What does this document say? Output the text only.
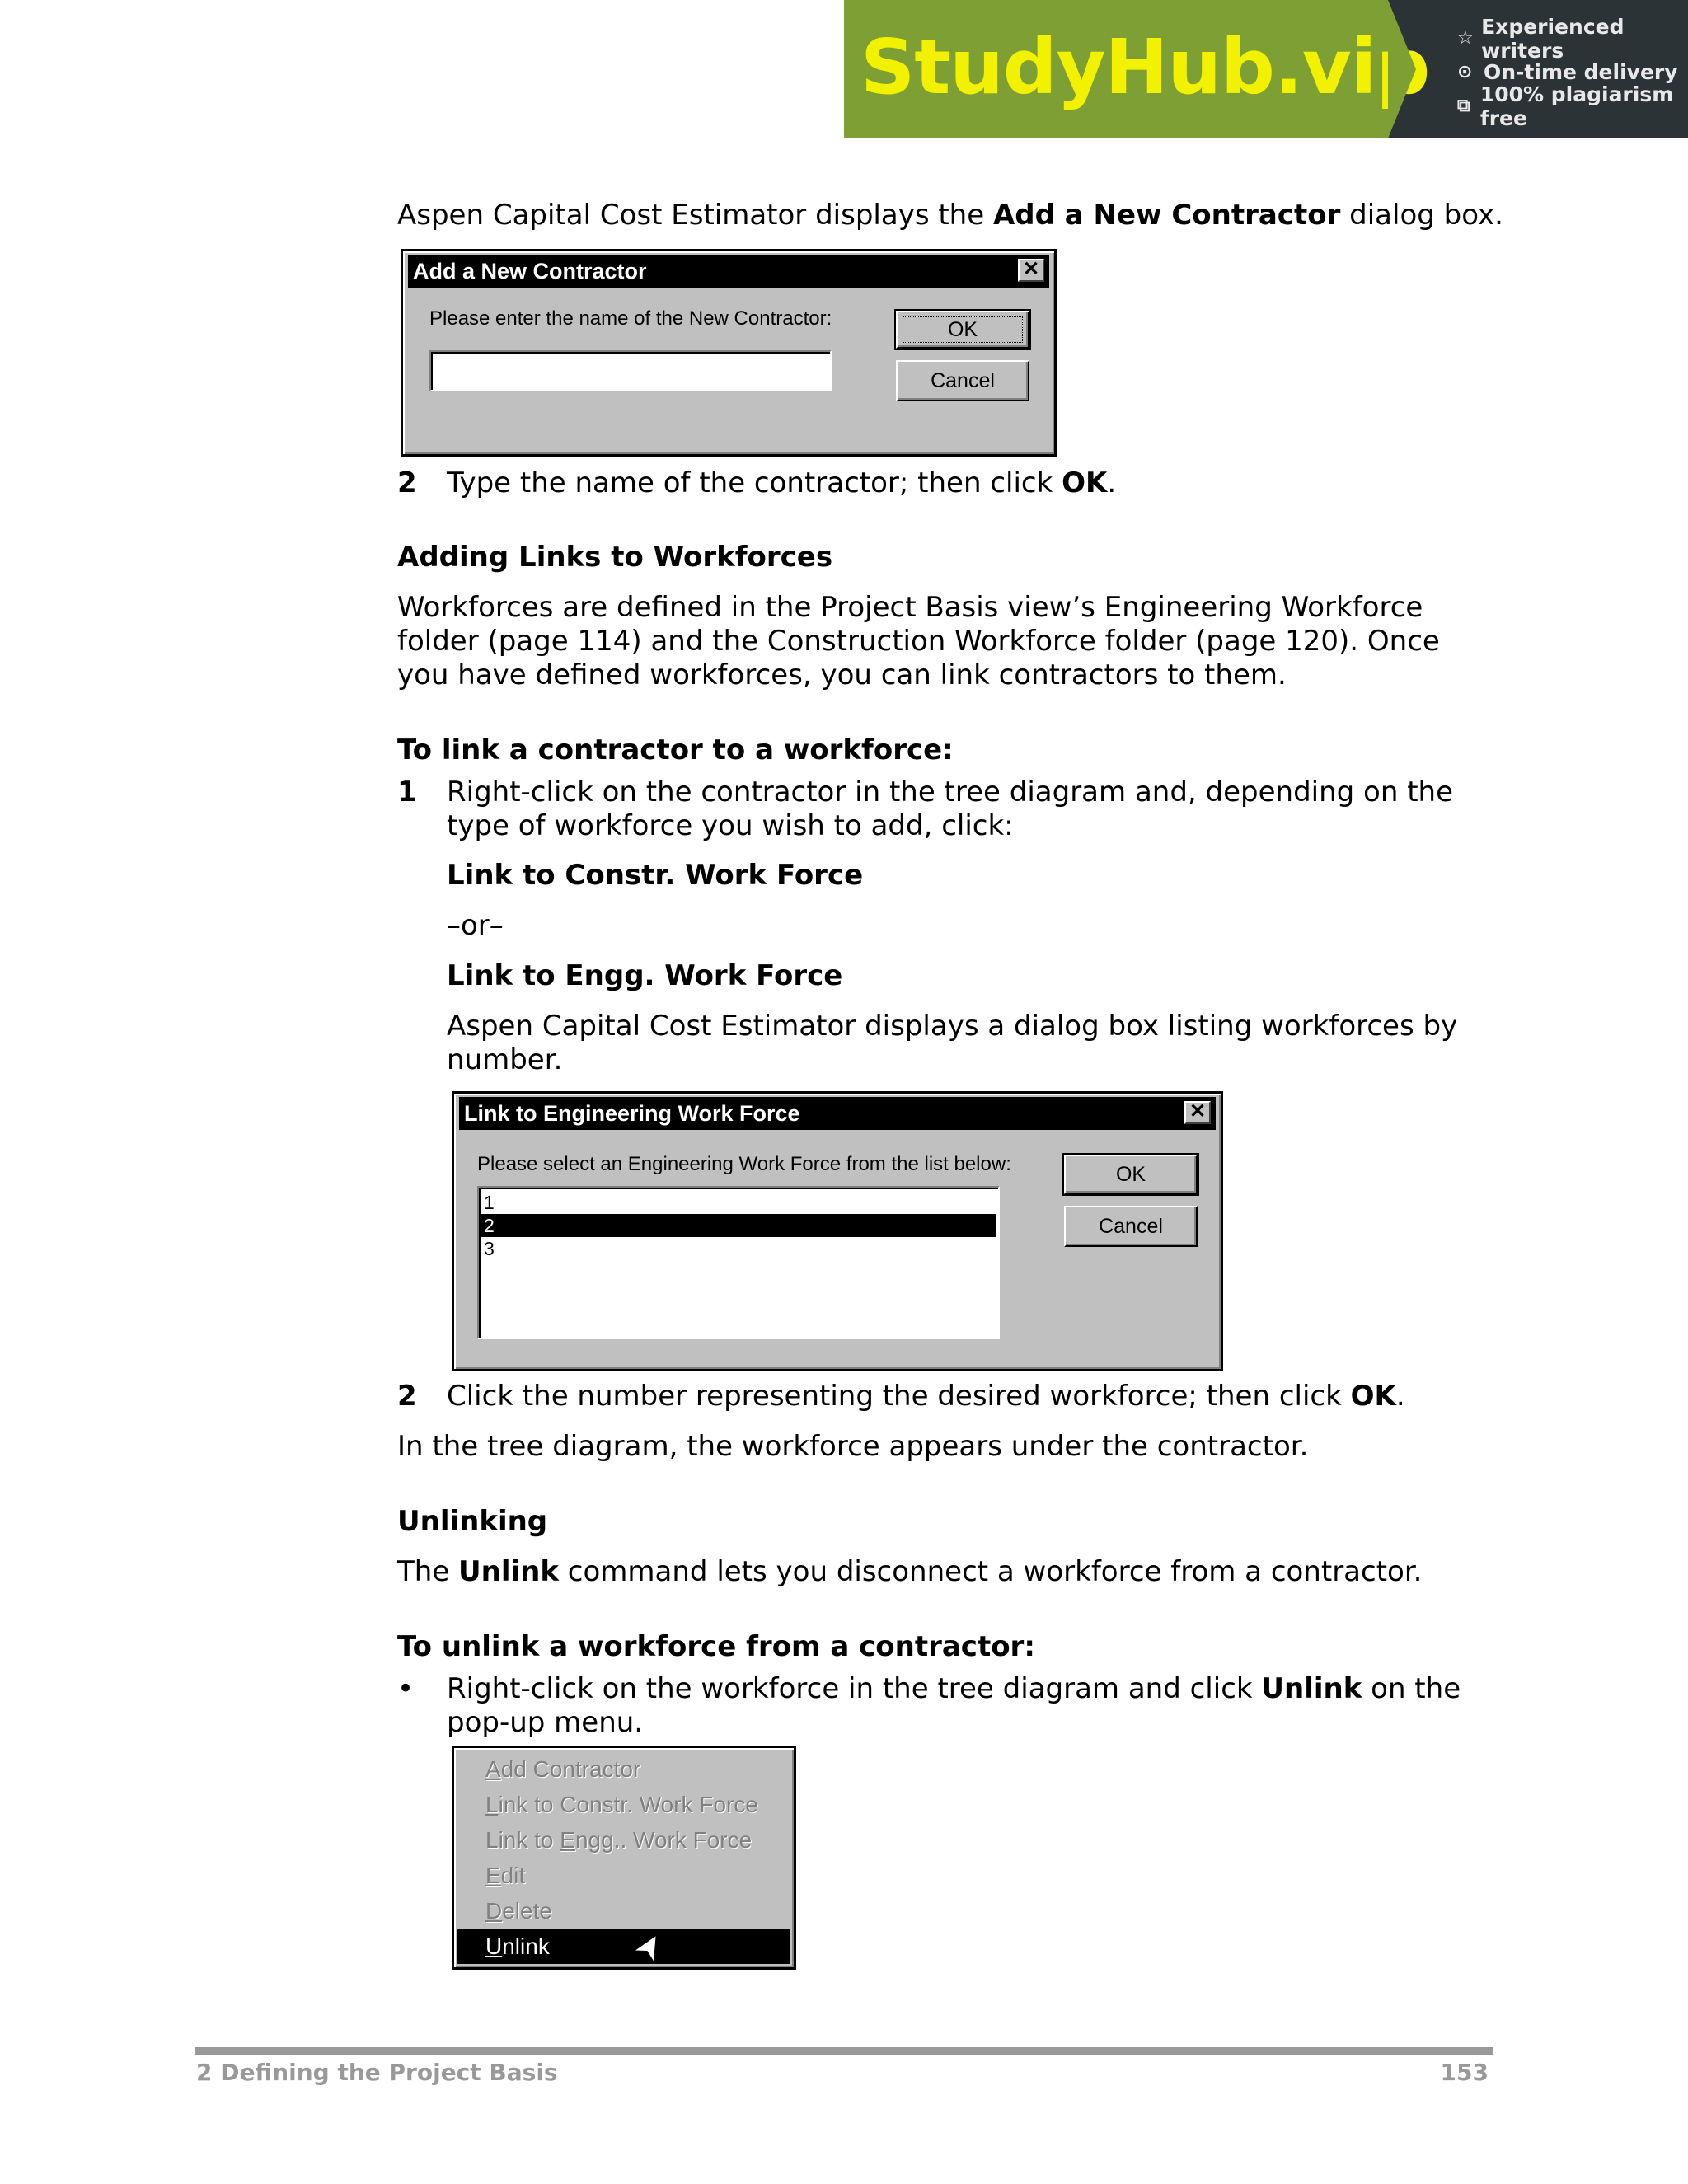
StudyHub.vip ☆ Experienced writers
⊙ On-time delivery
⧉ 100% plagiarism free
Aspen Capital Cost Estimator displays the Add a New Contractor dialog box.
Add a New Contractor	✕
Please enter the name of the New Contractor:	OK
Cancel
2 Type the name of the contractor; then click OK.
Adding Links to Workforces
Workforces are defined in the Project Basis view’s Engineering Workforce
folder (page 114) and the Construction Workforce folder (page 120). Once
you have defined workforces, you can link contractors to them.
To link a contractor to a workforce:
1 Right-click on the contractor in the tree diagram and, depending on the
type of workforce you wish to add, click:
Link to Constr. Work Force
–or–
Link to Engg. Work Force
Aspen Capital Cost Estimator displays a dialog box listing workforces by
number.
Link to Engineering Work Force	✕
Please select an Engineering Work Force from the list below:
1
2
3
OK
Cancel
2 Click the number representing the desired workforce; then click OK.
In the tree diagram, the workforce appears under the contractor.
Unlinking
The Unlink command lets you disconnect a workforce from a contractor.
To unlink a workforce from a contractor:
• Right-click on the workforce in the tree diagram and click Unlink on the
pop-up menu.
Add Contractor
Link to Constr. Work Force
Link to Engg.. Work Force
Edit
Delete
Unlink ➤
2 Defining the Project Basis	153
